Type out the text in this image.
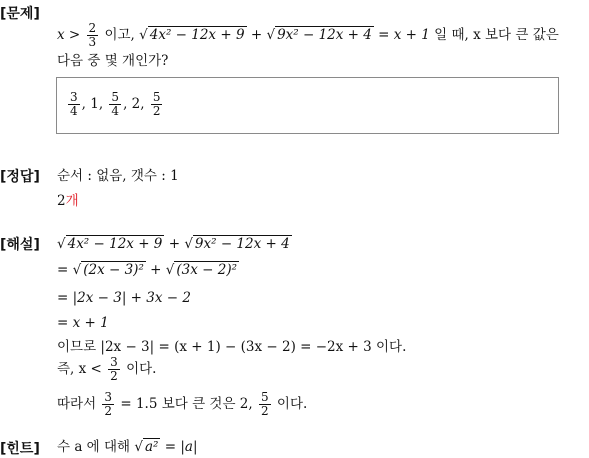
[문제]
$x > \frac{2}{3}$ 이고, √ 4x² − 12x + 9 + √ 9x² − 12x + 4 = x + 1 일 때, x 보다 큰 값은
다음 중 몇 개인가?
$\frac{3}{4}$ , 1, $\frac{5}{4}$ , 2, $\frac{5}{2}$
[정답] 순서 : 없음, 갯수 : 1
2개
[해설] √ 4x² − 12x + 9 + √ 9x² − 12x + 4
= √ (2x − 3)² + √ (3x − 2)²
= |2x − 3| + 3x − 2
= x + 1
이므로 |2x − 3| = (x + 1) − (3x − 2) = −2x + 3 이다.
즉, $x < \frac{3}{2}$ 이다.
따라서 $\frac{3}{2} = 1.5$ 보다 큰 것은 2, $\frac{5}{2}$ 이다.
[힌트] 수 a 에 대해 √ a² = |a|
